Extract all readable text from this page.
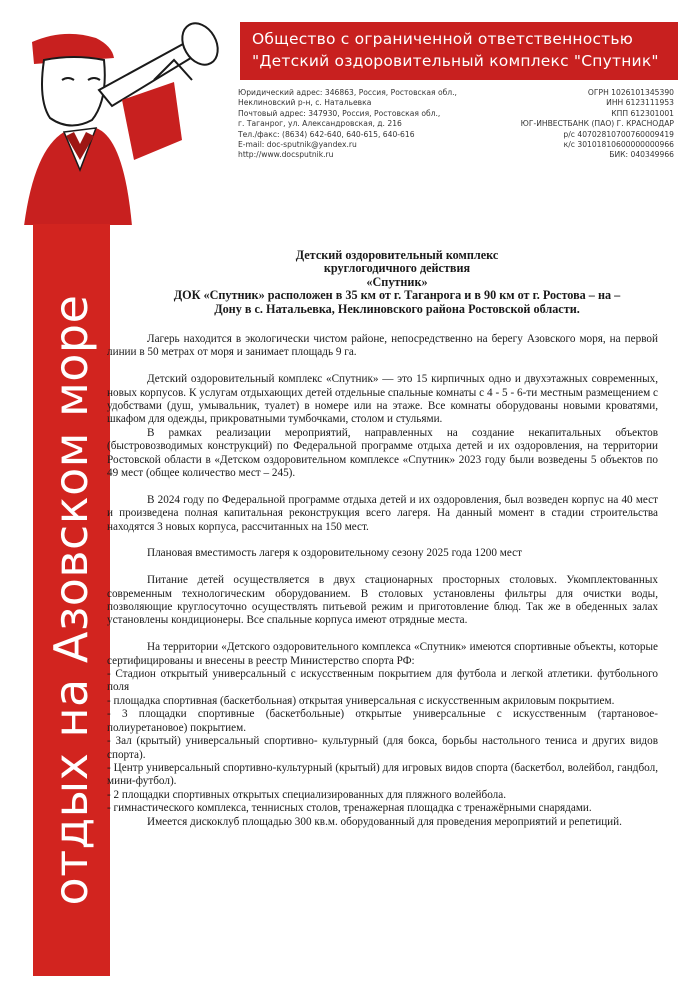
Общество с ограниченной ответственностью
"Детский оздоровительный комплекс "Спутник"
Юридический адрес: 346863, Россия, Ростовская обл.,
Неклиновский р-н, с. Натальевка
Почтовый адрес: 347930, Россия, Ростовская обл.,
г. Таганрог, ул. Александровская, д. 216
Тел./факс: (8634) 642-640, 640-615, 640-616
E-mail: doc-sputnik@yandex.ru
http://www.docsputnik.ru
ОГРН 1026101345390
ИНН 6123111953
КПП 612301001
ЮГ-ИНВЕСТБАНК (ПАО) Г. КРАСНОДАР
р/с 40702810700760009419
к/с 30101810600000000966
БИК: 040349966
отдых на Азовском море
Детский оздоровительный комплекс
круглогодичного действия
«Спутник»
ДОК «Спутник» расположен в 35 км от г. Таганрога и в 90 км от г. Ростова – на –
Дону в с. Натальевка, Неклиновского района Ростовской области.

Лагерь находится в экологически чистом районе, непосредственно на берегу Азовского моря, на первой линии в 50 метрах от моря и занимает площадь 9 га.

Детский оздоровительный комплекс «Спутник» — это 15 кирпичных одно и двухэтажных современных, новых корпусов. К услугам отдыхающих детей отдельные спальные комнаты с 4 - 5 - 6-ти местным размещением с удобствами (душ, умывальник, туалет) в номере или на этаже. Все комнаты оборудованы новыми кроватями, шкафом для одежды, прикроватными тумбочками, столом и стульями.

В рамках реализации мероприятий, направленных на создание некапитальных объектов (быстровозводимых конструкций) по Федеральной программе отдыха детей и их оздоровления, на территории Ростовской области в «Детском оздоровительном комплексе «Спутник» 2023 году были возведены 5 объектов по 49 мест (общее количество мест – 245).

В 2024 году по Федеральной программе отдыха детей и их оздоровления, был возведен корпус на 40 мест и произведена полная капитальная реконструкция всего лагеря. На данный момент в стадии строительства находятся 3 новых корпуса, рассчитанных на 150 мест.

Плановая вместимость лагеря к оздоровительному сезону 2025 года 1200 мест

Питание детей осуществляется в двух стационарных просторных столовых. Укомплектованных современным технологическим оборудованием. В столовых установлены фильтры для очистки воды, позволяющие круглосуточно осуществлять питьевой режим и приготовление блюд. Так же в обеденных залах установлены кондиционеры. Все спальные корпуса имеют отрядные места.

На территории «Детского оздоровительного комплекса «Спутник» имеются спортивные объекты, которые сертифицированы и внесены в реестр Министерство спорта РФ:

- Стадион открытый универсальный с искусственным покрытием для футбола и легкой атлетики. футбольного поля

- площадка спортивная (баскетбольная) открытая универсальная с искусственным акриловым покрытием.

- 3 площадки спортивные (баскетбольные) открытые универсальные с искусственным (тартановое-полиуретановое) покрытием.

- Зал (крытый) универсальный спортивно- культурный (для бокса, борьбы настольного тениса и других видов спорта).

- Центр универсальный спортивно-культурный (крытый) для игровых видов спорта (баскетбол, волейбол, гандбол, мини-футбол).

- 2 площадки спортивных открытых специализированных для пляжного волейбола.

- гимнастического комплекса, теннисных столов, тренажерная площадка с тренажёрными снарядами.

Имеется дискоклуб площадью 300 кв.м. оборудованный для проведения мероприятий и репетиций.
